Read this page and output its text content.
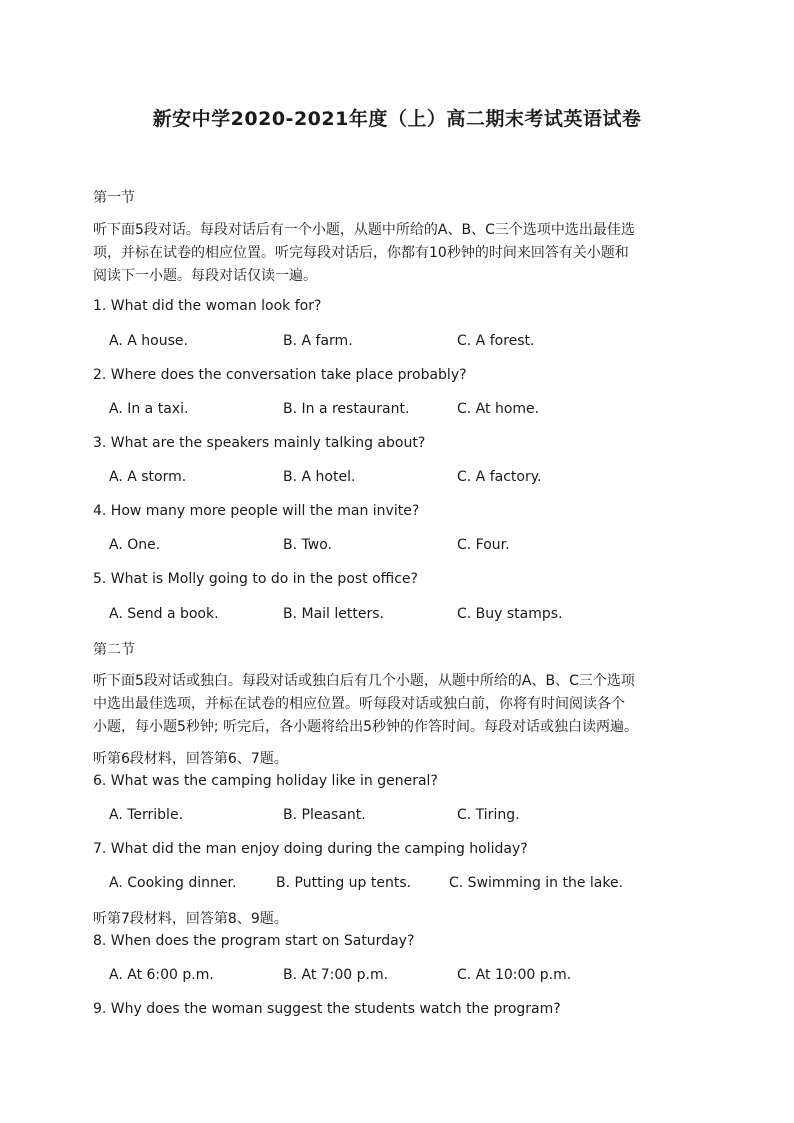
新安中学2020-2021年度（上）高二期末考试英语试卷
第一节
听下面5段对话。每段对话后有一个小题，从题中所给的A、B、C三个选项中选出最佳选
项，并标在试卷的相应位置。听完每段对话后，你都有10秒钟的时间来回答有关小题和
阅读下一小题。每段对话仅读一遍。
1. What did the woman look for?
A. A house.	B. A farm.	C. A forest.
2. Where does the conversation take place probably?
A. In a taxi.	B. In a restaurant.	C. At home.
3. What are the speakers mainly talking about?
A. A storm.	B. A hotel.	C. A factory.
4. How many more people will the man invite?
A. One.	B. Two.	C. Four.
5. What is Molly going to do in the post office?
A. Send a book.	B. Mail letters.	C. Buy stamps.
第二节
听下面5段对话或独白。每段对话或独白后有几个小题，从题中所给的A、B、C三个选项
中选出最佳选项，并标在试卷的相应位置。听每段对话或独白前，你将有时间阅读各个
小题，每小题5秒钟; 听完后，各小题将给出5秒钟的作答时间。每段对话或独白读两遍。
听第6段材料，回答第6、7题。
6. What was the camping holiday like in general?
A. Terrible.	B. Pleasant.	C. Tiring.
7. What did the man enjoy doing during the camping holiday?
A. Cooking dinner.	B. Putting up tents.	C. Swimming in the lake.
听第7段材料，回答第8、9题。
8. When does the program start on Saturday?
A. At 6:00 p.m.	B. At 7:00 p.m.	C. At 10:00 p.m.
9. Why does the woman suggest the students watch the program?
